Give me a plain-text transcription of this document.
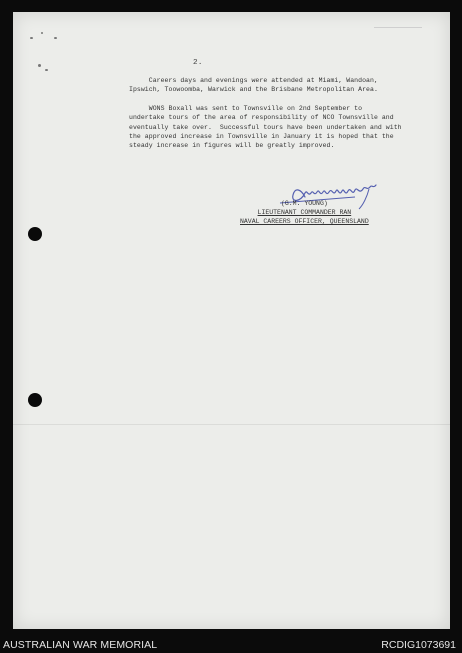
2.
Careers days and evenings were attended at Miami, Wandoan,
Ipswich, Toowoomba, Warwick and the Brisbane Metropolitan Area.
WONS Boxall was sent to Townsville on 2nd September to
undertake tours of the area of responsibility of NCO Townsville and
eventually take over.  Successful tours have been undertaken and with
the approved increase in Townsville in January it is hoped that the
steady increase in figures will be greatly improved.
(G.M. YOUNG)
LIEUTENANT COMMANDER RAN
NAVAL CAREERS OFFICER, QUEENSLAND
AUSTRALIAN WAR MEMORIAL	RCDIG1073691
